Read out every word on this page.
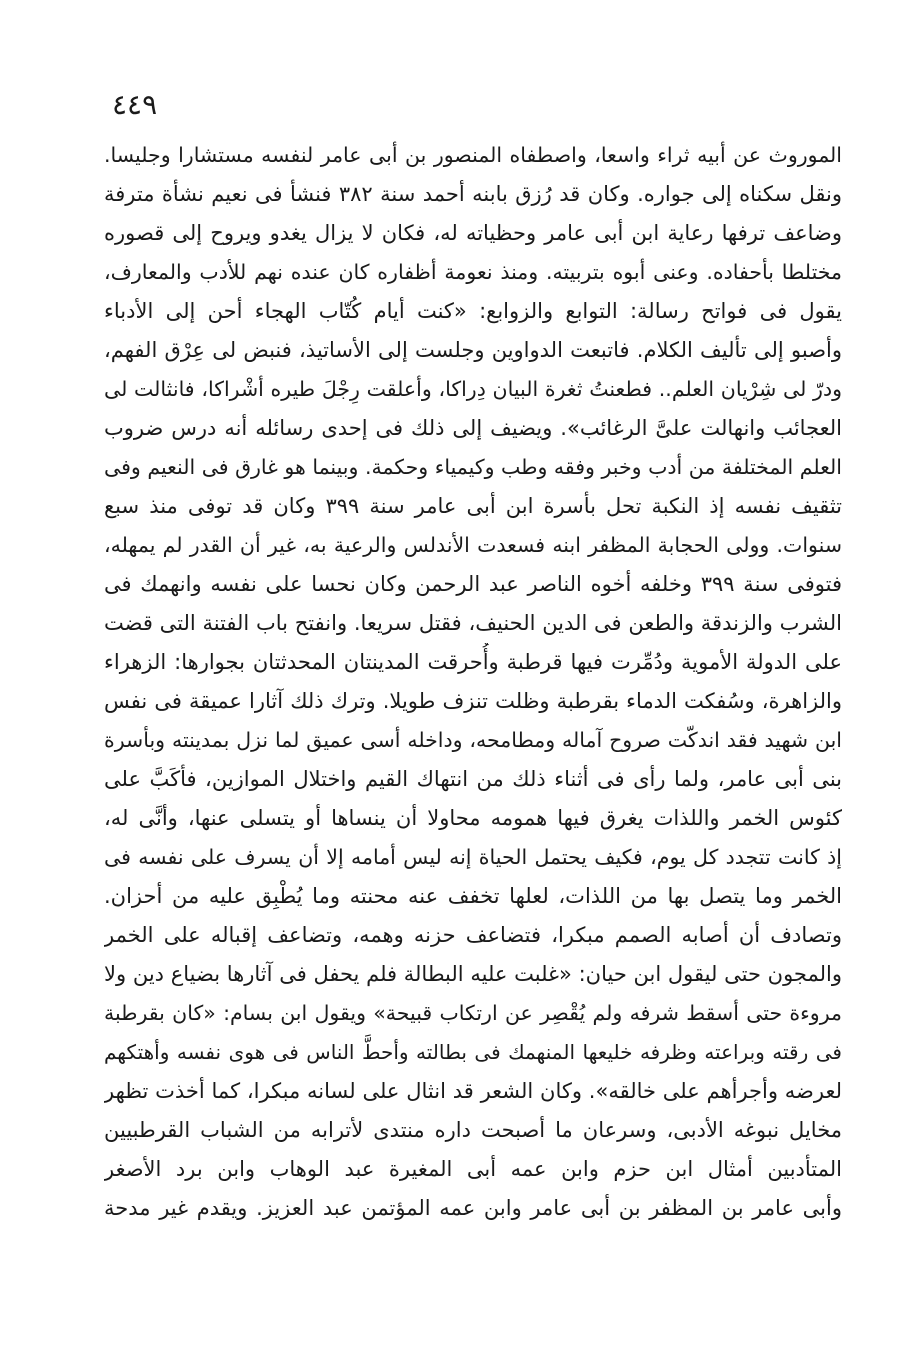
٤٤٩
الموروث عن أبيه ثراء واسعا، واصطفاه المنصور بن أبى عامر لنفسه مستشارا وجليسا.
ونقل سكناه إلى جواره. وكان قد رُزق بابنه أحمد سنة ٣٨٢ فنشأ فى نعيم نشأة مترفة
وضاعف ترفها رعاية ابن أبى عامر وحظياته له، فكان لا يزال يغدو ويروح إلى قصوره
مختلطا بأحفاده. وعنى أبوه بتربيته. ومنذ نعومة أظفاره كان عنده نهم للأدب والمعارف،
يقول فى فواتح رسالة: التوابع والزوابع: «كنت أيام كُتّاب الهجاء أحن إلى الأدباء
وأصبو إلى تأليف الكلام. فاتبعت الدواوين وجلست إلى الأساتيذ، فنبض لى عِرْق الفهم،
ودرّ لى شِرْيان العلم.. فطعنتُ ثغرة البيان دِراكا، وأعلقت رِجْلَ طيره أشْراكا، فانثالت لى
العجائب وانهالت علىَّ الرغائب». ويضيف إلى ذلك فى إحدى رسائله أنه درس ضروب
العلم المختلفة من أدب وخبر وفقه وطب وكيمياء وحكمة. وبينما هو غارق فى النعيم وفى
تثقيف نفسه إذ النكبة تحل بأسرة ابن أبى عامر سنة ٣٩٩ وكان قد توفى منذ سبع
سنوات. وولى الحجابة المظفر ابنه فسعدت الأندلس والرعية به، غير أن القدر لم يمهله،
فتوفى سنة ٣٩٩ وخلفه أخوه الناصر عبد الرحمن وكان نحسا على نفسه وانهمك فى
الشرب والزندقة والطعن فى الدين الحنيف، فقتل سريعا. وانفتح باب الفتنة التى قضت
على الدولة الأموية ودُمِّرت فيها قرطبة وأُحرقت المدينتان المحدثتان بجوارها: الزهراء
والزاهرة، وسُفكت الدماء بقرطبة وظلت تنزف طويلا. وترك ذلك آثارا عميقة فى نفس
ابن شهيد فقد اندكّت صروح آماله ومطامحه، وداخله أسى عميق لما نزل بمدينته وبأسرة
بنى أبى عامر، ولما رأى فى أثناء ذلك من انتهاك القيم واختلال الموازين، فأكَبَّ على
كئوس الخمر واللذات يغرق فيها همومه محاولا أن ينساها أو يتسلى عنها، وأنَّى له،
إذ كانت تتجدد كل يوم، فكيف يحتمل الحياة إنه ليس أمامه إلا أن يسرف على نفسه فى
الخمر وما يتصل بها من اللذات، لعلها تخفف عنه محنته وما يُطْبِق عليه من أحزان.
وتصادف أن أصابه الصمم مبكرا، فتضاعف حزنه وهمه، وتضاعف إقباله على الخمر
والمجون حتى ليقول ابن حيان: «غلبت عليه البطالة فلم يحفل فى آثارها بضياع دين ولا
مروءة حتى أسقط شرفه ولم يُقْصِر عن ارتكاب قبيحة» ويقول ابن بسام: «كان بقرطبة
فى رقته وبراعته وظرفه خليعها المنهمك فى بطالته وأحطَّ الناس فى هوى نفسه وأهتكهم
لعرضه وأجرأهم على خالقه». وكان الشعر قد انثال على لسانه مبكرا، كما أخذت تظهر
مخايل نبوغه الأدبى، وسرعان ما أصبحت داره منتدى لأترابه من الشباب القرطبيين
المتأدبين أمثال ابن حزم وابن عمه أبى المغيرة عبد الوهاب وابن برد الأصغر
وأبى عامر بن المظفر بن أبى عامر وابن عمه المؤتمن عبد العزيز. ويقدم غير مدحة
